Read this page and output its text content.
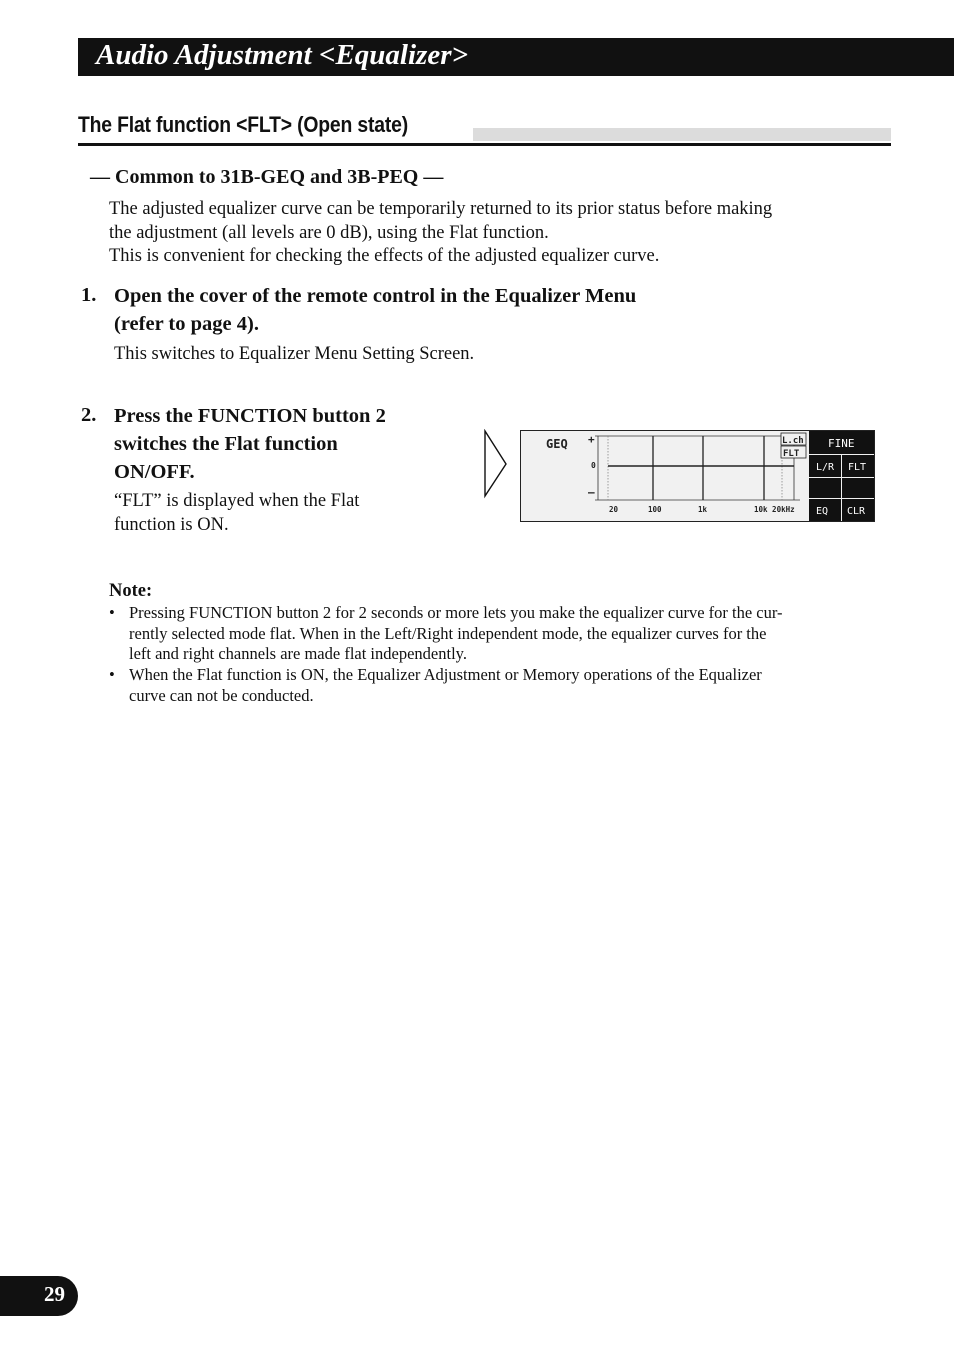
Audio Adjustment <Equalizer>
The Flat function <FLT> (Open state)
— Common to 31B-GEQ and 3B-PEQ —

The adjusted equalizer curve can be temporarily returned to its prior status before making

the adjustment (all levels are 0 dB), using the Flat function.

This is convenient for checking the effects of the adjusted equalizer curve.

1. Open the cover of the remote control in the Equalizer Menu
(refer to page 4).
This switches to Equalizer Menu Setting Screen.
2. Press the FUNCTION button 2
switches the Flat function
ON/OFF.
“FLT” is displayed when the Flat
function is ON.
GEQ +
0
–
20	100	1k	10k 20kHz
L.ch
FLT
FINE
L/R FLT
EQ CLR
Note:
• Pressing FUNCTION button 2 for 2 seconds or more lets you make the equalizer curve for the cur-
rently selected mode flat. When in the Left/Right independent mode, the equalizer curves for the
left and right channels are made flat independently.
• When the Flat function is ON, the Equalizer Adjustment or Memory operations of the Equalizer
curve can not be conducted.
29
